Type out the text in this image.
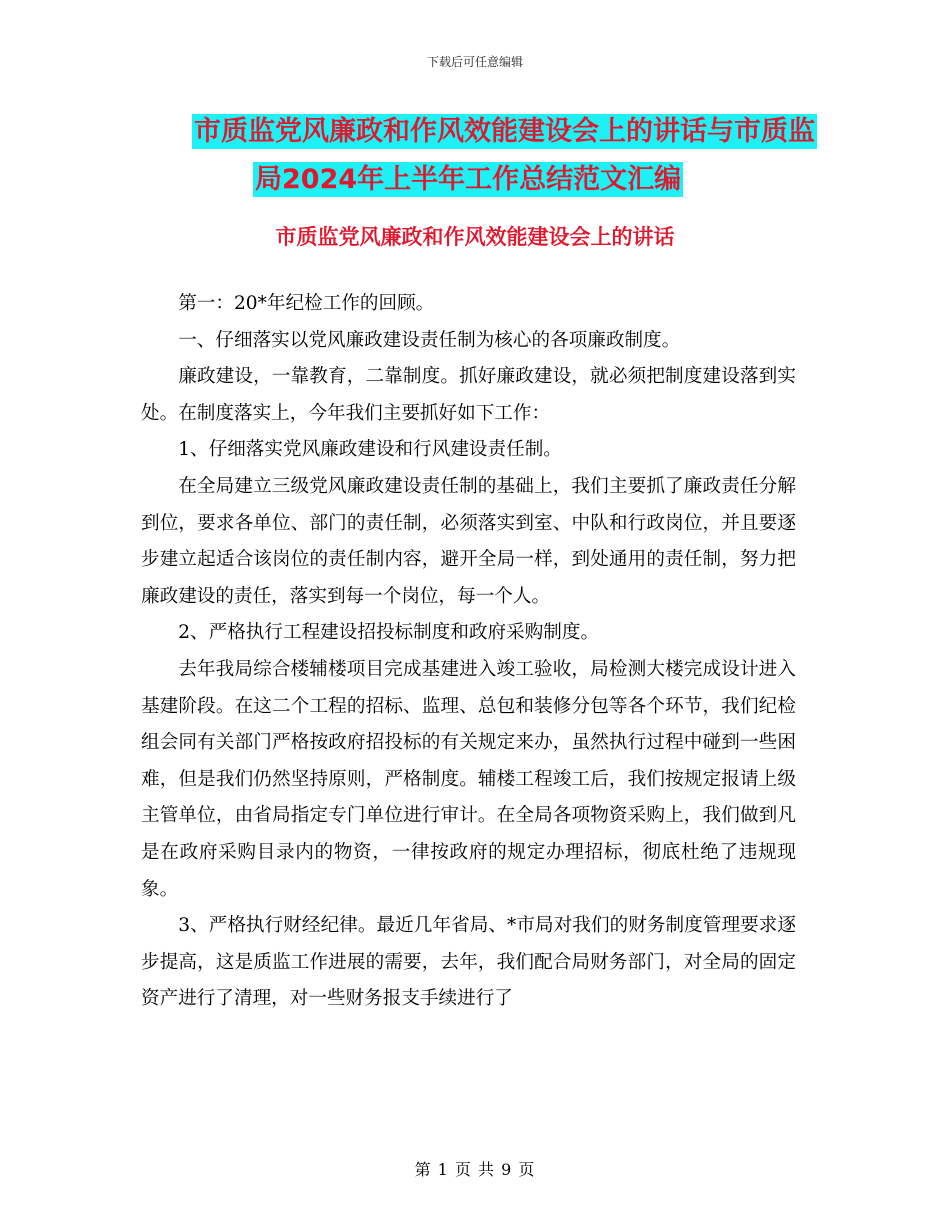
下载后可任意编辑
市质监党风廉政和作风效能建设会上的讲话与市质监
局2024年上半年工作总结范文汇编
市质监党风廉政和作风效能建设会上的讲话

第一：20*年纪检工作的回顾。

一、仔细落实以党风廉政建设责任制为核心的各项廉政制度。

廉政建设，一靠教育，二靠制度。抓好廉政建设，就必须把制度建设落到实处。在制度落实上，今年我们主要抓好如下工作：

1、仔细落实党风廉政建设和行风建设责任制。

在全局建立三级党风廉政建设责任制的基础上，我们主要抓了廉政责任分解到位，要求各单位、部门的责任制，必须落实到室、中队和行政岗位，并且要逐步建立起适合该岗位的责任制内容，避开全局一样，到处通用的责任制，努力把廉政建设的责任，落实到每一个岗位，每一个人。

2、严格执行工程建设招投标制度和政府采购制度。

去年我局综合楼辅楼项目完成基建进入竣工验收，局检测大楼完成设计进入基建阶段。在这二个工程的招标、监理、总包和装修分包等各个环节，我们纪检组会同有关部门严格按政府招投标的有关规定来办，虽然执行过程中碰到一些困难，但是我们仍然坚持原则，严格制度。辅楼工程竣工后，我们按规定报请上级主管单位，由省局指定专门单位进行审计。在全局各项物资采购上，我们做到凡是在政府采购目录内的物资，一律按政府的规定办理招标，彻底杜绝了违规现象。

3、严格执行财经纪律。最近几年省局、*市局对我们的财务制度管理要求逐步提高，这是质监工作进展的需要，去年，我们配合局财务部门，对全局的固定资产进行了清理，对一些财务报支手续进行了

第 1 页 共 9 页
